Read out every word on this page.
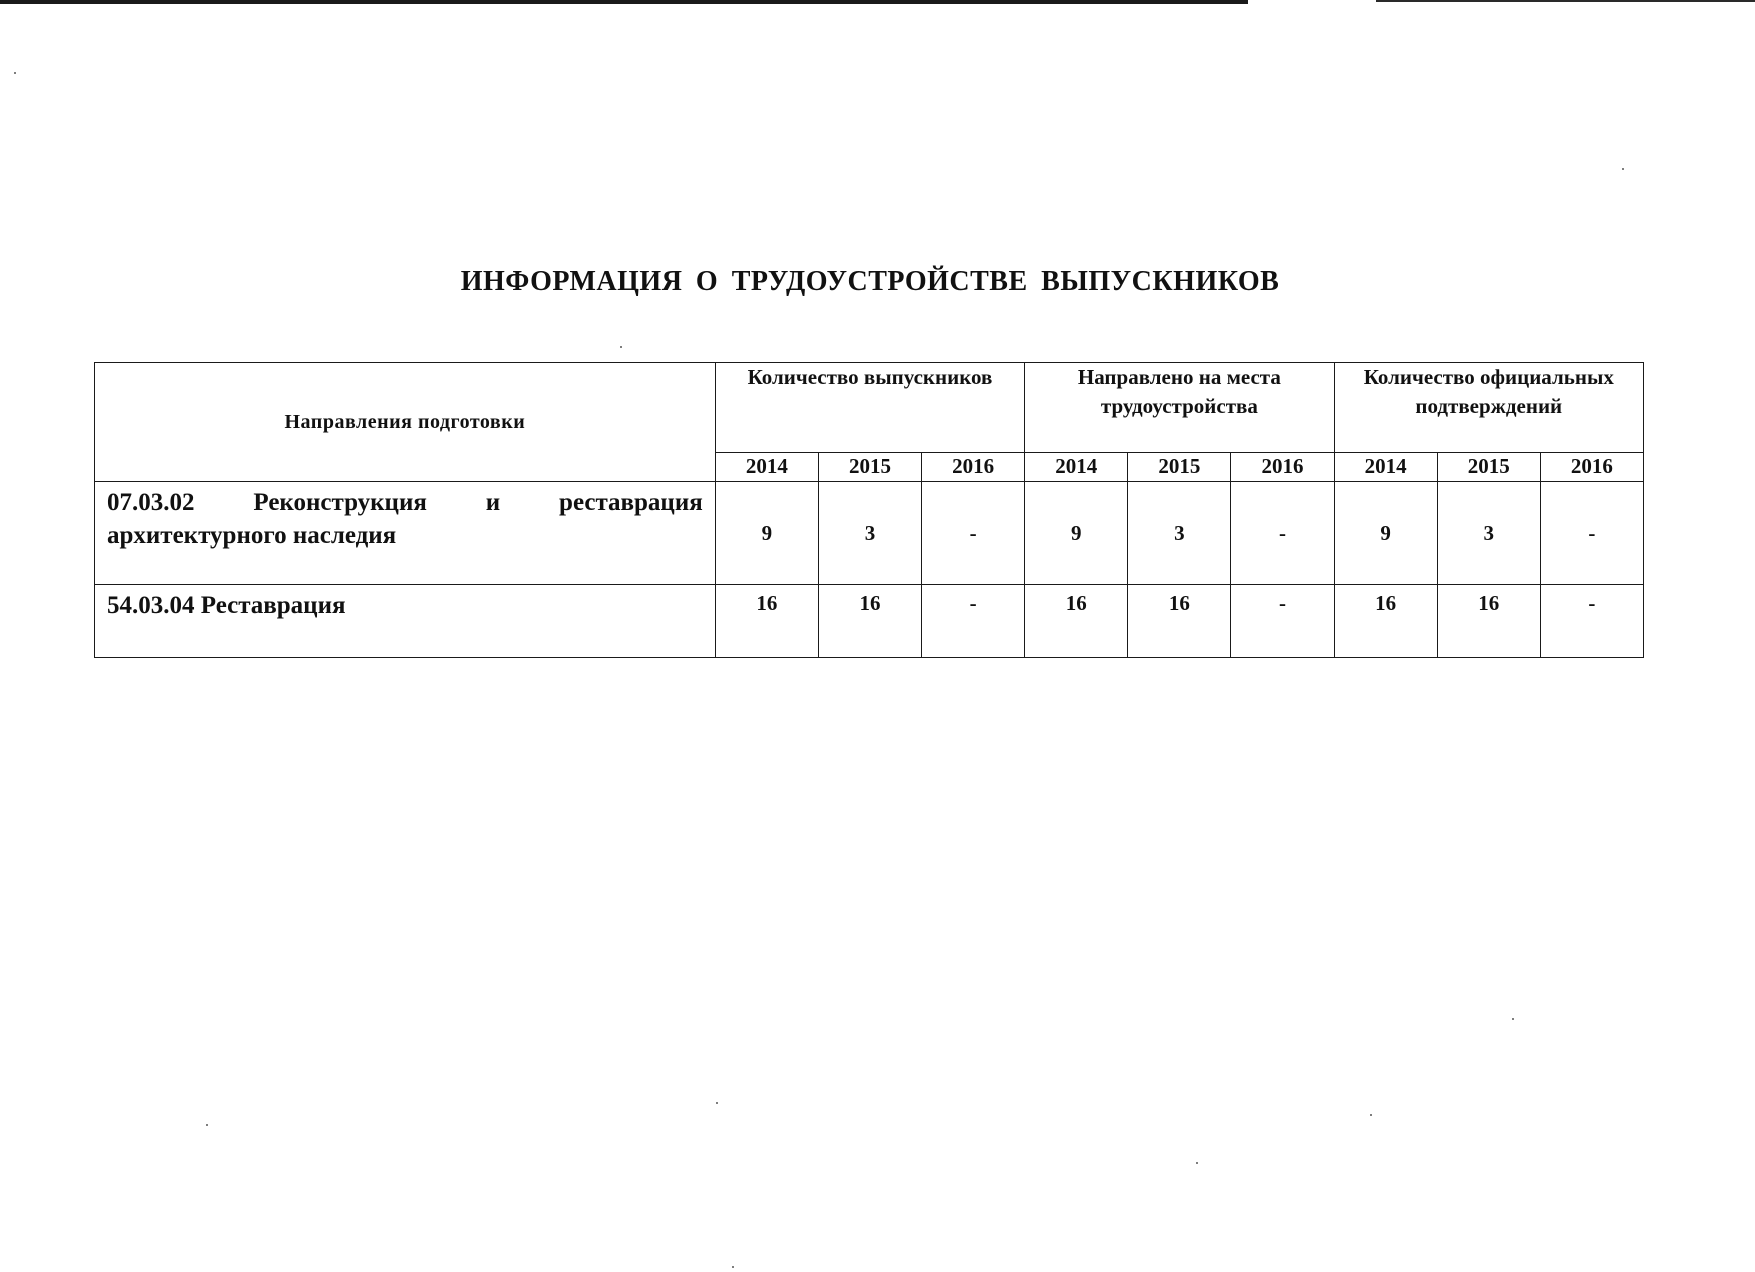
ИНФОРМАЦИЯ О ТРУДОУСТРОЙСТВЕ ВЫПУСКНИКОВ
Направления подготовки	Количество выпускников			Направлено на места трудоустройства			Количество официальных подтверждений		
	2014	2015	2016	2014	2015	2016	2014	2015	2016

07.03.02 Реконструкция и реставрация
архитектурного наследия	9	3	-	9	3	-	9	3	-
54.03.04 Реставрация	16	16	-	16	16	-	16	16	-
